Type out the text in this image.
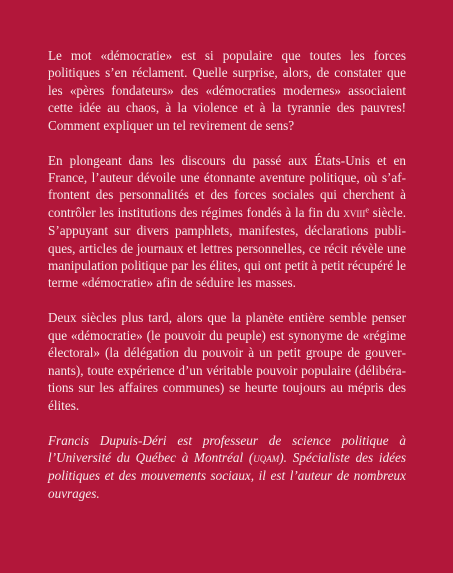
Le mot «démocratie» est si populaire que toutes les forces politiques s’en réclament. Quelle surprise, alors, de constater que les «pères fondateurs» des «démocraties modernes» associaient cette idée au chaos, à la violence et à la tyrannie des pauvres! Comment expliquer un tel revirement de sens?

En plongeant dans les discours du passé aux États-Unis et en France, l’auteur dévoile une étonnante aventure politique, où s’affrontent des personnalités et des forces sociales qui cherchent à contrôler les institutions des régimes fondés à la fin du xviii$^e$ siècle. S’appuyant sur divers pamphlets, manifestes, déclarations publiques, articles de journaux et lettres personnelles, ce récit révèle une manipulation politique par les élites, qui ont petit à petit récupéré le terme «démocratie» afin de séduire les masses.

Deux siècles plus tard, alors que la planète entière semble penser que «démocratie» (le pouvoir du peuple) est synonyme de «régime électoral» (la délégation du pouvoir à un petit groupe de gouvernants), toute expérience d’un véritable pouvoir populaire (délibérations sur les affaires communes) se heurte toujours au mépris des élites.

Francis Dupuis-Déri est professeur de science politique à l’Université du Québec à Montréal (uqam). Spécialiste des idées politiques et des mouvements sociaux, il est l’auteur de nombreux ouvrages.
